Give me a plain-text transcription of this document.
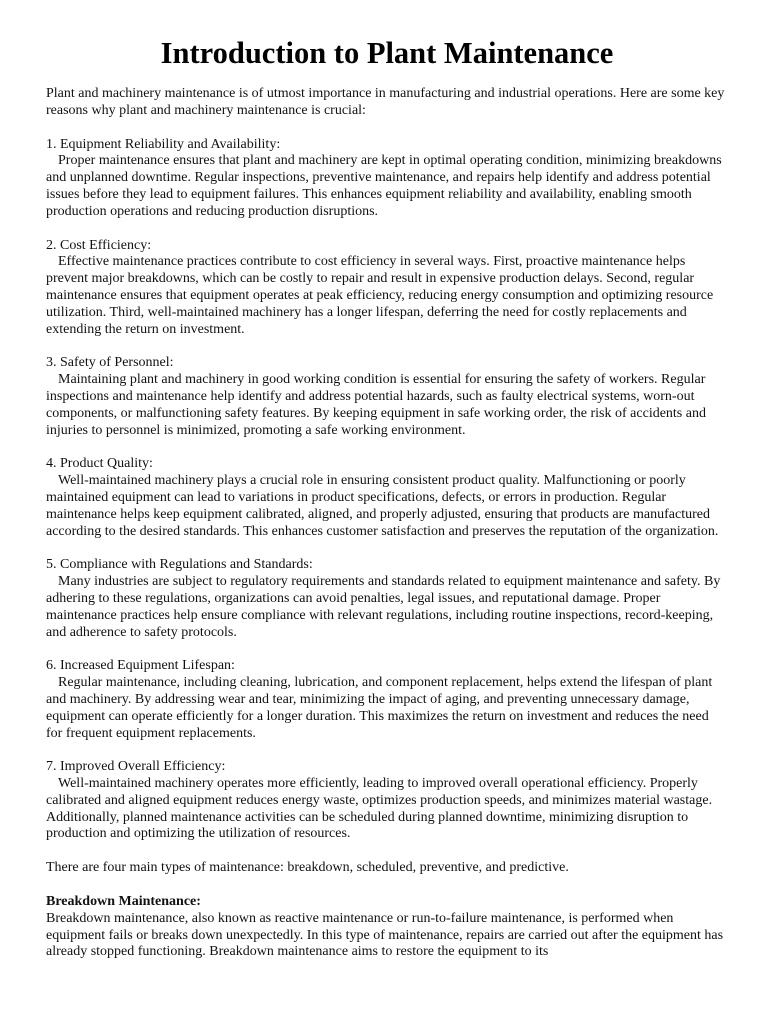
Introduction to Plant Maintenance

Plant and machinery maintenance is of utmost importance in manufacturing and industrial operations. Here are some key reasons why plant and machinery maintenance is crucial:

1. Equipment Reliability and Availability:

Proper maintenance ensures that plant and machinery are kept in optimal operating condition, minimizing breakdowns and unplanned downtime. Regular inspections, preventive maintenance, and repairs help identify and address potential issues before they lead to equipment failures. This enhances equipment reliability and availability, enabling smooth production operations and reducing production disruptions.

2. Cost Efficiency:

Effective maintenance practices contribute to cost efficiency in several ways. First, proactive maintenance helps prevent major breakdowns, which can be costly to repair and result in expensive production delays. Second, regular maintenance ensures that equipment operates at peak efficiency, reducing energy consumption and optimizing resource utilization. Third, well-maintained machinery has a longer lifespan, deferring the need for costly replacements and extending the return on investment.

3. Safety of Personnel:

Maintaining plant and machinery in good working condition is essential for ensuring the safety of workers. Regular inspections and maintenance help identify and address potential hazards, such as faulty electrical systems, worn-out components, or malfunctioning safety features. By keeping equipment in safe working order, the risk of accidents and injuries to personnel is minimized, promoting a safe working environment.

4. Product Quality:

Well-maintained machinery plays a crucial role in ensuring consistent product quality. Malfunctioning or poorly maintained equipment can lead to variations in product specifications, defects, or errors in production. Regular maintenance helps keep equipment calibrated, aligned, and properly adjusted, ensuring that products are manufactured according to the desired standards. This enhances customer satisfaction and preserves the reputation of the organization.

5. Compliance with Regulations and Standards:

Many industries are subject to regulatory requirements and standards related to equipment maintenance and safety. By adhering to these regulations, organizations can avoid penalties, legal issues, and reputational damage. Proper maintenance practices help ensure compliance with relevant regulations, including routine inspections, record-keeping, and adherence to safety protocols.

6. Increased Equipment Lifespan:

Regular maintenance, including cleaning, lubrication, and component replacement, helps extend the lifespan of plant and machinery. By addressing wear and tear, minimizing the impact of aging, and preventing unnecessary damage, equipment can operate efficiently for a longer duration. This maximizes the return on investment and reduces the need for frequent equipment replacements.

7. Improved Overall Efficiency:

Well-maintained machinery operates more efficiently, leading to improved overall operational efficiency. Properly calibrated and aligned equipment reduces energy waste, optimizes production speeds, and minimizes material wastage. Additionally, planned maintenance activities can be scheduled during planned downtime, minimizing disruption to production and optimizing the utilization of resources.

There are four main types of maintenance: breakdown, scheduled, preventive, and predictive.

Breakdown Maintenance:

Breakdown maintenance, also known as reactive maintenance or run-to-failure maintenance, is performed when equipment fails or breaks down unexpectedly. In this type of maintenance, repairs are carried out after the equipment has already stopped functioning. Breakdown maintenance aims to restore the equipment to its
